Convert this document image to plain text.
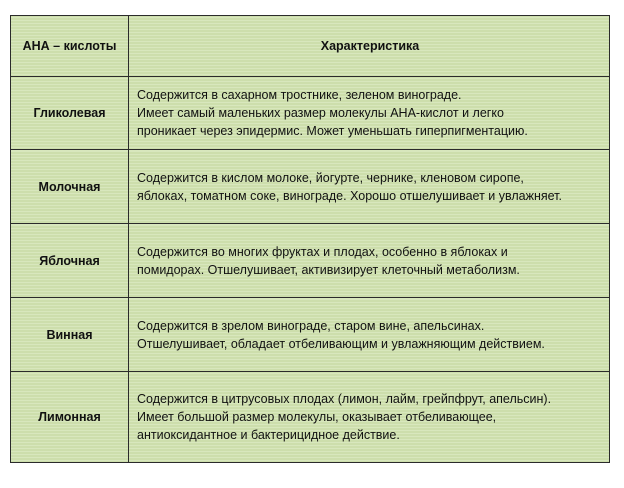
АНА – кислоты	Характеристика
Гликолевая	Содержится в сахарном тростнике, зеленом винограде.
Имеет самый маленьких размер молекулы АНА-кислот и легко
проникает через эпидермис. Может уменьшать гиперпигментацию.

Молочная	Содержится в кислом молоке, йогурте, чернике, кленовом сиропе,
яблоках, томатном соке, винограде. Хорошо отшелушивает и увлажняет.

Яблочная	Содержится во многих фруктах и плодах, особенно в яблоках и
помидорах. Отшелушивает, активизирует клеточный метаболизм.

Винная	Содержится в зрелом винограде, старом вине, апельсинах.
Отшелушивает, обладает отбеливающим и увлажняющим действием.

Лимонная	Содержится в цитрусовых плодах (лимон, лайм, грейпфрут, апельсин).
Имеет большой размер молекулы, оказывает отбеливающее,
антиоксидантное и бактерицидное действие.
